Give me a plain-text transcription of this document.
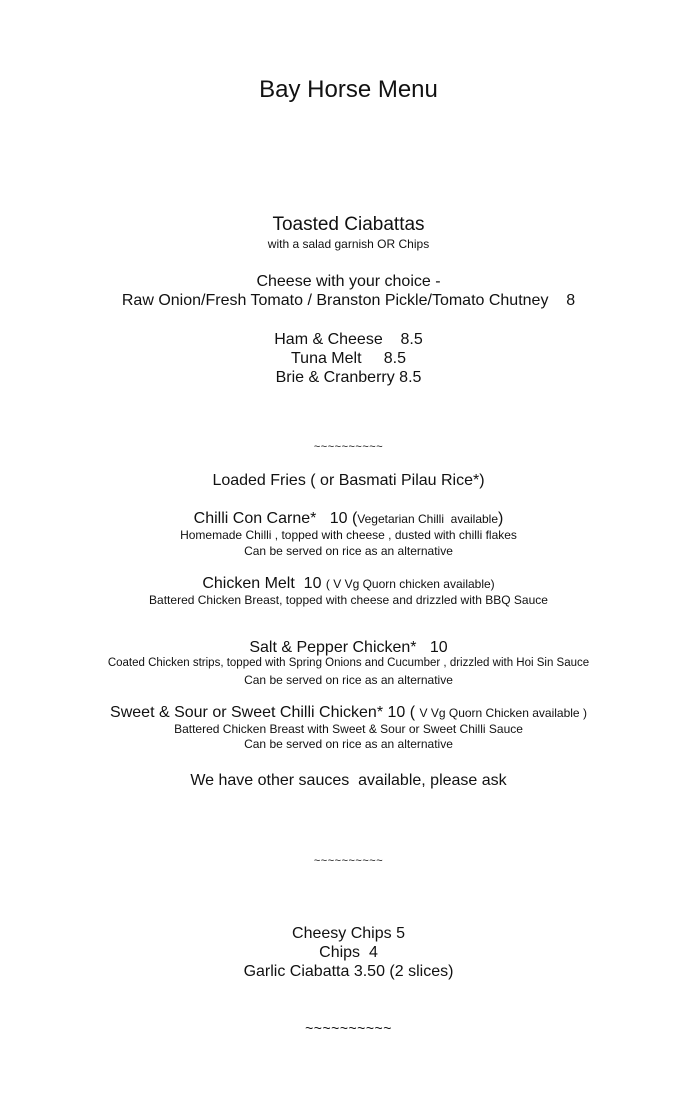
Bay Horse Menu
Toasted Ciabattas
with a salad garnish OR Chips
Cheese with your choice -
Raw Onion/Fresh Tomato / Branston Pickle/Tomato Chutney    8
Ham & Cheese    8.5
Tuna Melt     8.5
Brie & Cranberry 8.5
~~~~~~~~~~
Loaded Fries ( or Basmati Pilau Rice*)
Chilli Con Carne*   10 (Vegetarian Chilli  available)
Homemade Chilli , topped with cheese , dusted with chilli flakes
Can be served on rice as an alternative
Chicken Melt  10 ( V Vg Quorn chicken available)
Battered Chicken Breast, topped with cheese and drizzled with BBQ Sauce
Salt & Pepper Chicken*   10
Coated Chicken strips, topped with Spring Onions and Cucumber , drizzled with Hoi Sin Sauce
Can be served on rice as an alternative
Sweet & Sour or Sweet Chilli Chicken* 10 ( V Vg Quorn Chicken available )
Battered Chicken Breast with Sweet & Sour or Sweet Chilli Sauce
Can be served on rice as an alternative
We have other sauces  available, please ask
~~~~~~~~~~
Cheesy Chips 5
Chips  4
Garlic Ciabatta 3.50 (2 slices)
~~~~~~~~~~
